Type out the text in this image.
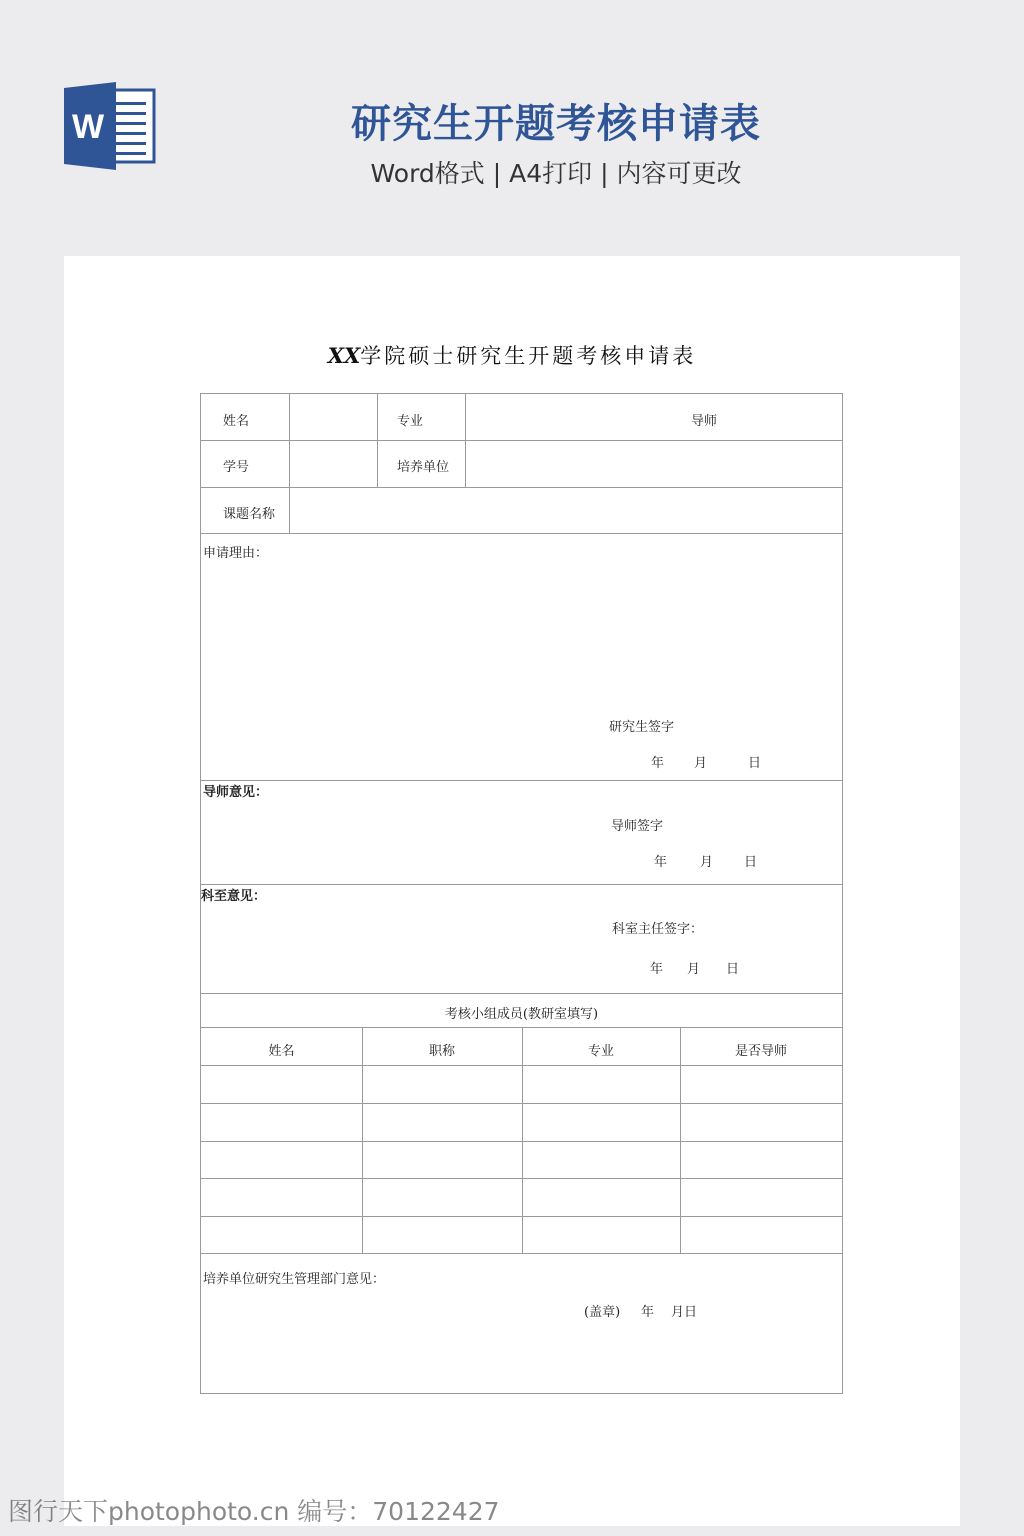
W	研究生开题考核申请表
Word格式 | A4打印 | 内容可更改
XX学院硕士研究生开题考核申请表
姓名	专业	导师
学号	培养单位
课题名称
申请理由：
研究生签字
年 月	日
导师意见：
导师签字
年	月 日
科至意见：
科室主任签字：
年 月 日
考核小组成员(教研室填写)
姓名	职称	专业	是否导师
培养单位研究生管理部门意见：
(盖章) 年 月日
图行天下photophoto.cn 编号：70122427
